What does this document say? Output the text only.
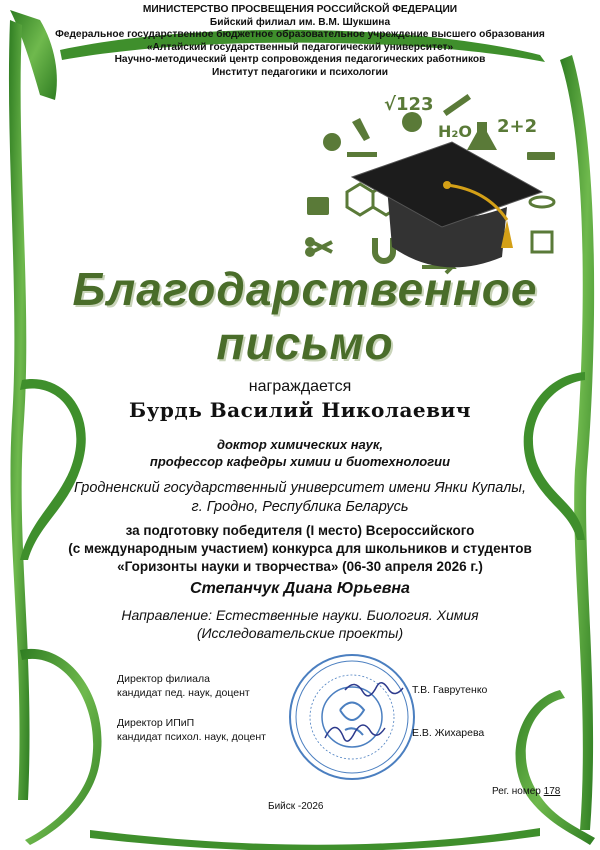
МИНИСТЕРСТВО ПРОСВЕЩЕНИЯ РОССИЙСКОЙ ФЕДЕРАЦИИ
Бийский филиал им. В.М. Шукшина
Федеральное государственное бюджетное образовательное учреждение высшего образования
«Алтайский государственный педагогический университет»
Научно-методический центр сопровождения педагогических работников
Институт педагогики и психологии
√123
H₂O 2+2
Благодарственное
письмо
награждается
Бурдь Василий Николаевич
доктор химических наук,
профессор кафедры химии и биотехнологии
Гродненский государственный университет имени Янки Купалы,
г. Гродно, Республика Беларусь
за подготовку победителя (I место) Всероссийского
(с международным участием) конкурса для школьников и студентов
«Горизонты науки и творчества» (06-30 апреля 2026 г.)
Степанчук Диана Юрьевна
Направление: Естественные науки. Биология. Химия
(Исследовательские проекты)
Директор филиала
кандидат пед. наук, доцент	Т.В. Гаврутенко
Директор ИПиП
кандидат психол. наук, доцент	Е.В. Жихарева
Бийск -2026
Рег. номер 178
